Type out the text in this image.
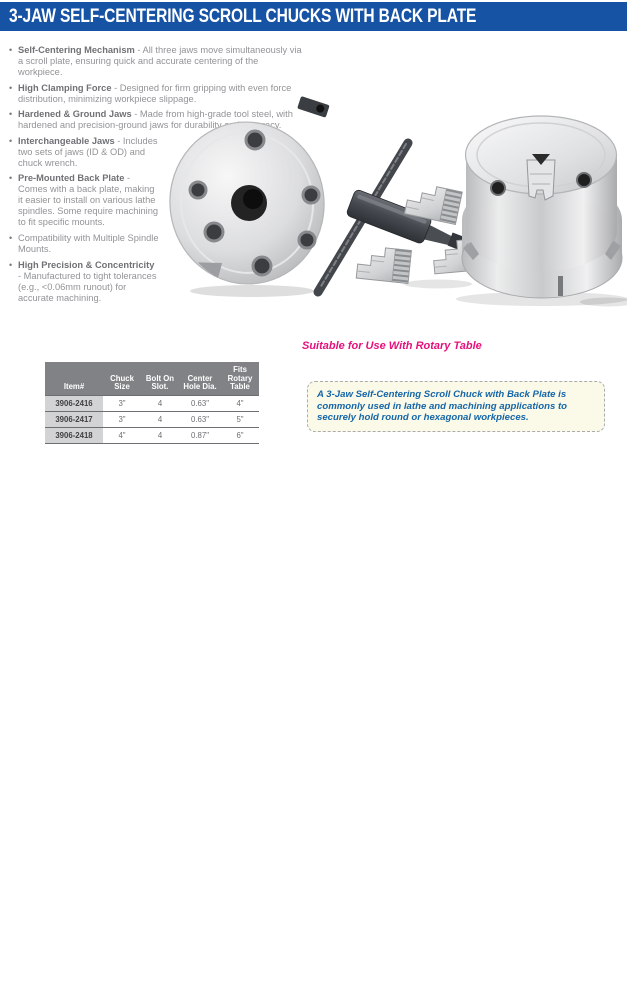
3-JAW SELF-CENTERING SCROLL CHUCKS WITH BACK PLATE
• Self-Centering Mechanism - All three jaws move simultaneously via a scroll plate, ensuring quick and accurate centering of the workpiece.
• High Clamping Force - Designed for firm gripping with even force distribution, minimizing workpiece slippage.
• Hardened & Ground Jaws - Made from high-grade tool steel, with hardened and precision-ground jaws for durability and accuracy.
• Interchangeable Jaws - Includes two sets of jaws (ID & OD) and chuck wrench.
• Pre-Mounted Back Plate - Comes with a back plate, making it easier to install on various lathe spindles. Some require machining to fit specific mounts.
• Compatibility with Multiple Spindle Mounts.
• High Precision & Concentricity - Manufactured to tight tolerances (e.g., <0.06mm runout) for accurate machining.
Suitable for Use With Rotary Table
Item#	Chuck Size	Bolt On Slot.	Center Hole Dia.	Fits Rotary Table
3906-2416	3"	4	0.63"	4"
3906-2417	3"	4	0.63"	5"
3906-2418	4"	4	0.87"	6"
A 3-Jaw Self-Centering Scroll Chuck with Back Plate is commonly used in lathe and machining applications to securely hold round or hexagonal workpieces.
